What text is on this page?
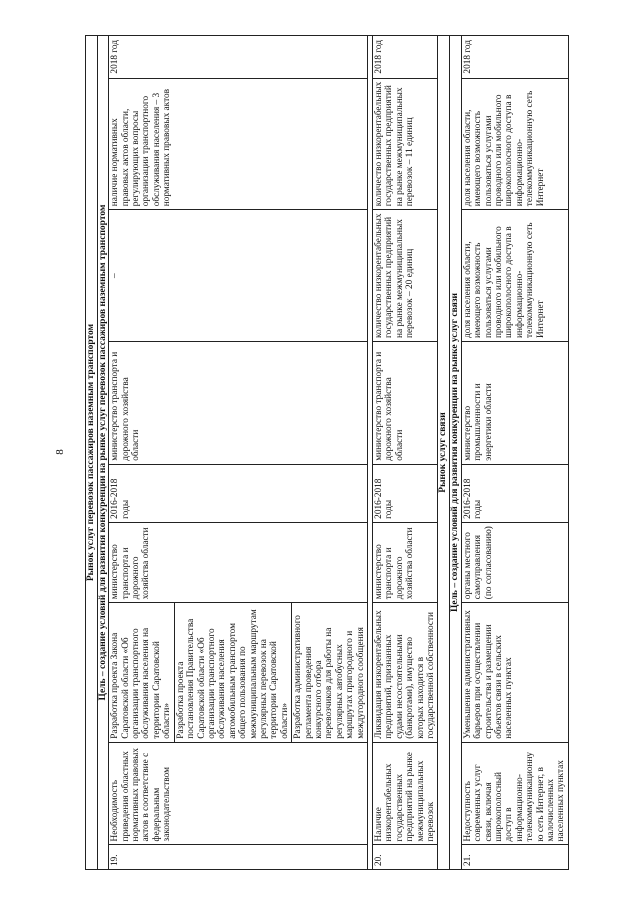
8 Рынок услуг перевозок пассажиров наземным транспортом								
Цель – создание условий для развития конкуренции на рынке услуг перевозок пассажиров наземным транспортом								
19.	Необходимость приведения областных нормативных правовых актов в соответствие с федеральным законодательством	Разработка проекта Закона Саратовской области «Об организации транспортного обслуживания населения на территории Саратовской области» Разработка проекта постановления Правительства Саратовской области «Об организации транспортного обслуживания населения автомобильным транспортом общего пользования по межмуниципальным маршрутам регулярных перевозок на территории Саратовской области» Разработка административного регламента проведения конкурсного отбора перевозчиков для работы на регулярных автобусных маршрутах пригородного и междугородного сообщения	министерство транспорта и дорожного хозяйства области	2016-2018 годы	министерство транспорта и дорожного хозяйства области	–	наличие нормативных правовых актов области, регулирующих вопросы организации транспортного обслуживания населения – 3 нормативных правовых актов	2018 год

20.	Наличие низкорентабельных государственных предприятий на рынке межмуниципальных перевозок	Ликвидация низкорентабельных предприятий, признанных судами несостоятельными (банкротами), имущество которых находится в государственной собственности	министерство транспорта и дорожного хозяйства области	2016-2018 годы	министерство транспорта и дорожного хозяйства области	количество низкорентабельных государственных предприятий на рынке межмуниципальных перевозок – 20 единиц	количество низкорентабельных государственных предприятий на рынке межмуниципальных перевозок – 11 единиц	2018 год
Рынок услуг связи								
Цель – создание условий для развития конкуренции на рынке услуг связи								
21.	Недоступность современных услуг связи, включая широкополосный доступ в информационно-телекоммуникационную сеть Интернет, в малочисленных населенных пунктах	Уменьшение административных барьеров при осуществлении строительства и размещении объектов связи в сельских населенных пунктах	органы местного самоуправления (по согласованию)	2016-2018 годы	министерство промышленности и энергетики области	доля населения области, имеющего возможность пользоваться услугами проводного или мобильного широкополосного доступа в информационно-телекоммуникационную сеть Интернет	доля населения области, имеющего возможность пользоваться услугами проводного или мобильного широкополосного доступа в информационно-телекоммуникационную сеть Интернет	2018 год
